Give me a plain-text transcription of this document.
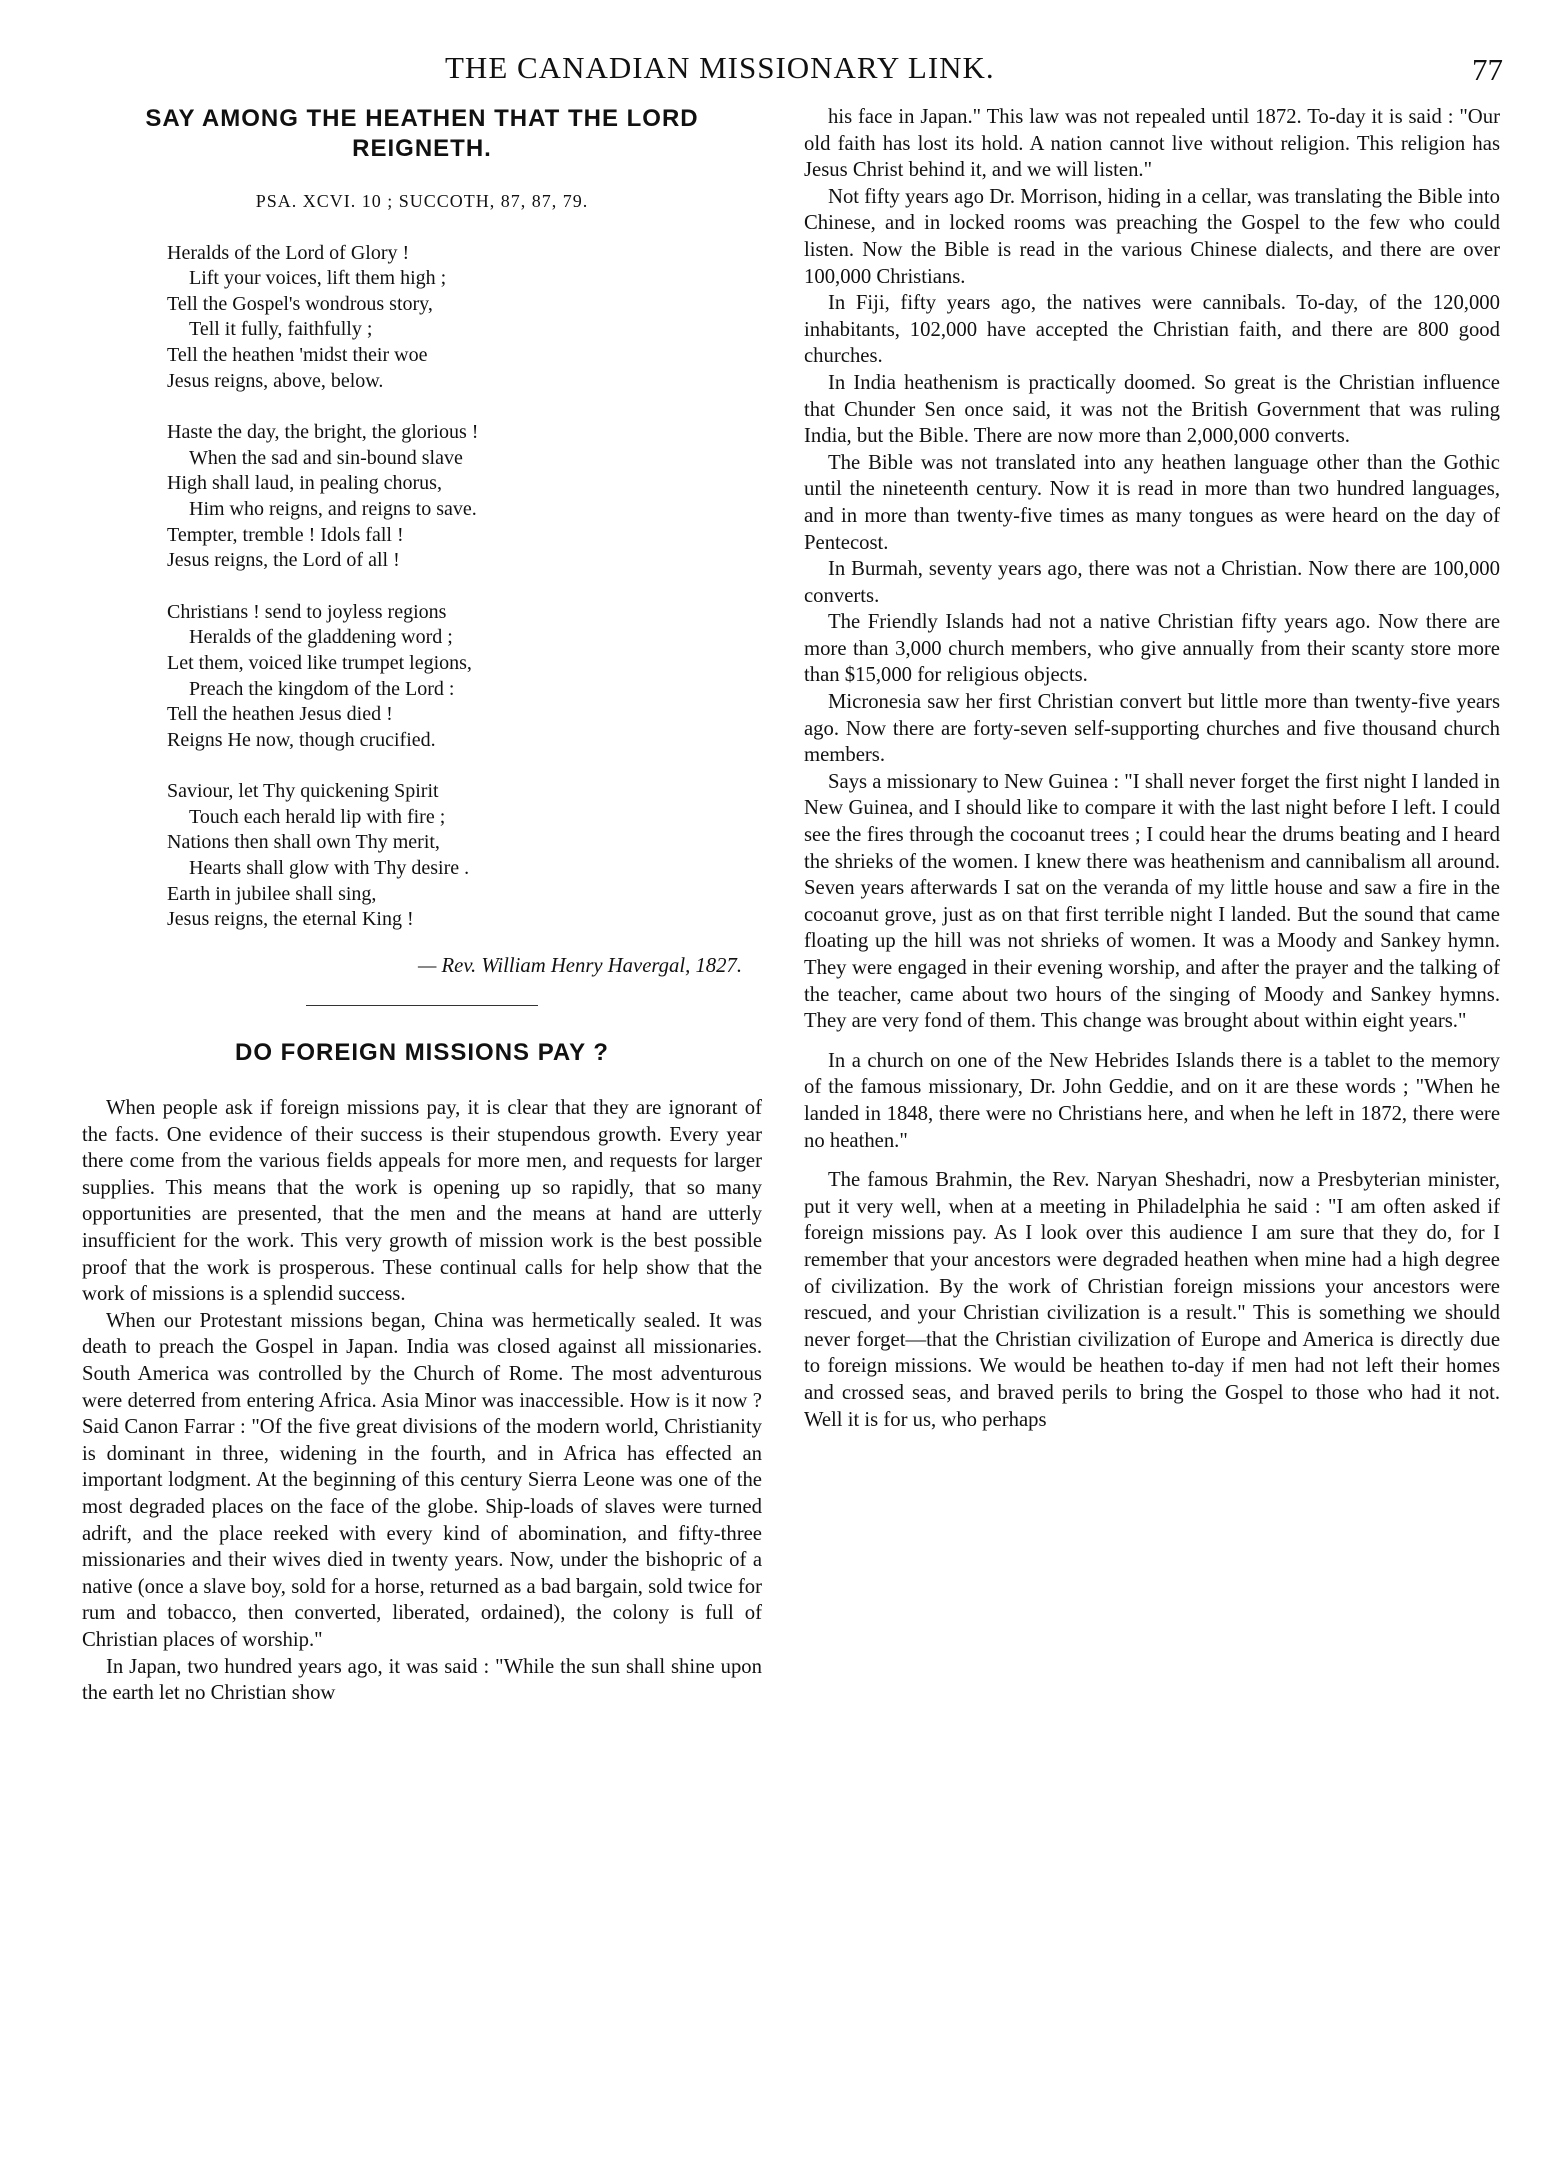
THE CANADIAN MISSIONARY LINK.	77
SAY AMONG THE HEATHEN THAT THE LORD REIGNETH.
PSA. XCVI. 10 ; SUCCOTH, 87, 87, 79.
Heralds of the Lord of Glory !
Lift your voices, lift them high ;
Tell the Gospel's wondrous story,
Tell it fully, faithfully ;
Tell the heathen 'midst their woe
Jesus reigns, above, below.
Haste the day, the bright, the glorious !
When the sad and sin-bound slave
High shall laud, in pealing chorus,
Him who reigns, and reigns to save.
Tempter, tremble ! Idols fall !
Jesus reigns, the Lord of all !
Christians ! send to joyless regions
Heralds of the gladdening word ;
Let them, voiced like trumpet legions,
Preach the kingdom of the Lord :
Tell the heathen Jesus died !
Reigns He now, though crucified.
Saviour, let Thy quickening Spirit
Touch each herald lip with fire ;
Nations then shall own Thy merit,
Hearts shall glow with Thy desire .
Earth in jubilee shall sing,
Jesus reigns, the eternal King !
— Rev. William Henry Havergal, 1827.
DO FOREIGN MISSIONS PAY ?

When people ask if foreign missions pay, it is clear that they are ignorant of the facts. One evidence of their success is their stupendous growth. Every year there come from the various fields appeals for more men, and requests for larger supplies. This means that the work is opening up so rapidly, that so many opportunities are presented, that the men and the means at hand are utterly insufficient for the work. This very growth of mission work is the best possible proof that the work is prosperous. These continual calls for help show that the work of missions is a splendid success.

When our Protestant missions began, China was hermetically sealed. It was death to preach the Gospel in Japan. India was closed against all missionaries. South America was controlled by the Church of Rome. The most adventurous were deterred from entering Africa. Asia Minor was inaccessible. How is it now ? Said Canon Farrar : "Of the five great divisions of the modern world, Christianity is dominant in three, widening in the fourth, and in Africa has effected an important lodgment. At the beginning of this century Sierra Leone was one of the most degraded places on the face of the globe. Ship-loads of slaves were turned adrift, and the place reeked with every kind of abomination, and fifty-three missionaries and their wives died in twenty years. Now, under the bishopric of a native (once a slave boy, sold for a horse, returned as a bad bargain, sold twice for rum and tobacco, then converted, liberated, ordained), the colony is full of Christian places of worship."

In Japan, two hundred years ago, it was said : "While the sun shall shine upon the earth let no Christian show

his face in Japan." This law was not repealed until 1872. To-day it is said : "Our old faith has lost its hold. A nation cannot live without religion. This religion has Jesus Christ behind it, and we will listen."

Not fifty years ago Dr. Morrison, hiding in a cellar, was translating the Bible into Chinese, and in locked rooms was preaching the Gospel to the few who could listen. Now the Bible is read in the various Chinese dialects, and there are over 100,000 Christians.

In Fiji, fifty years ago, the natives were cannibals. To-day, of the 120,000 inhabitants, 102,000 have accepted the Christian faith, and there are 800 good churches.

In India heathenism is practically doomed. So great is the Christian influence that Chunder Sen once said, it was not the British Government that was ruling India, but the Bible. There are now more than 2,000,000 converts.

The Bible was not translated into any heathen language other than the Gothic until the nineteenth century. Now it is read in more than two hundred languages, and in more than twenty-five times as many tongues as were heard on the day of Pentecost.

In Burmah, seventy years ago, there was not a Christian. Now there are 100,000 converts.

The Friendly Islands had not a native Christian fifty years ago. Now there are more than 3,000 church members, who give annually from their scanty store more than $15,000 for religious objects.

Micronesia saw her first Christian convert but little more than twenty-five years ago. Now there are forty-seven self-supporting churches and five thousand church members.

Says a missionary to New Guinea : "I shall never forget the first night I landed in New Guinea, and I should like to compare it with the last night before I left. I could see the fires through the cocoanut trees ; I could hear the drums beating and I heard the shrieks of the women. I knew there was heathenism and cannibalism all around. Seven years afterwards I sat on the veranda of my little house and saw a fire in the cocoanut grove, just as on that first terrible night I landed. But the sound that came floating up the hill was not shrieks of women. It was a Moody and Sankey hymn. They were engaged in their evening worship, and after the prayer and the talking of the teacher, came about two hours of the singing of Moody and Sankey hymns. They are very fond of them. This change was brought about within eight years."

In a church on one of the New Hebrides Islands there is a tablet to the memory of the famous missionary, Dr. John Geddie, and on it are these words ; "When he landed in 1848, there were no Christians here, and when he left in 1872, there were no heathen."

The famous Brahmin, the Rev. Naryan Sheshadri, now a Presbyterian minister, put it very well, when at a meeting in Philadelphia he said : "I am often asked if foreign missions pay. As I look over this audience I am sure that they do, for I remember that your ancestors were degraded heathen when mine had a high degree of civilization. By the work of Christian foreign missions your ancestors were rescued, and your Christian civilization is a result." This is something we should never forget—that the Christian civilization of Europe and America is directly due to foreign missions. We would be heathen to-day if men had not left their homes and crossed seas, and braved perils to bring the Gospel to those who had it not. Well it is for us, who perhaps
